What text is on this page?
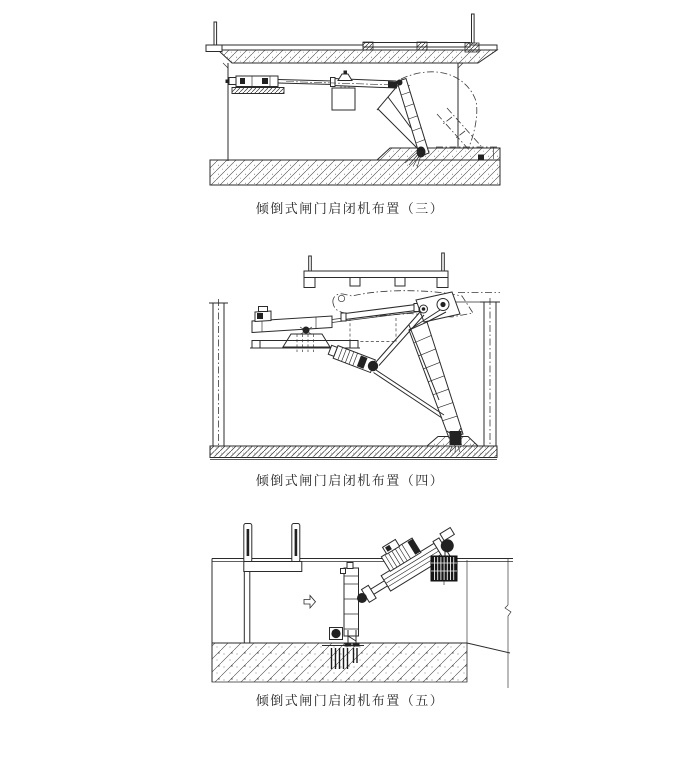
倾倒式闸门启闭机布置（三）
倾倒式闸门启闭机布置（四）
倾倒式闸门启闭机布置（五）
